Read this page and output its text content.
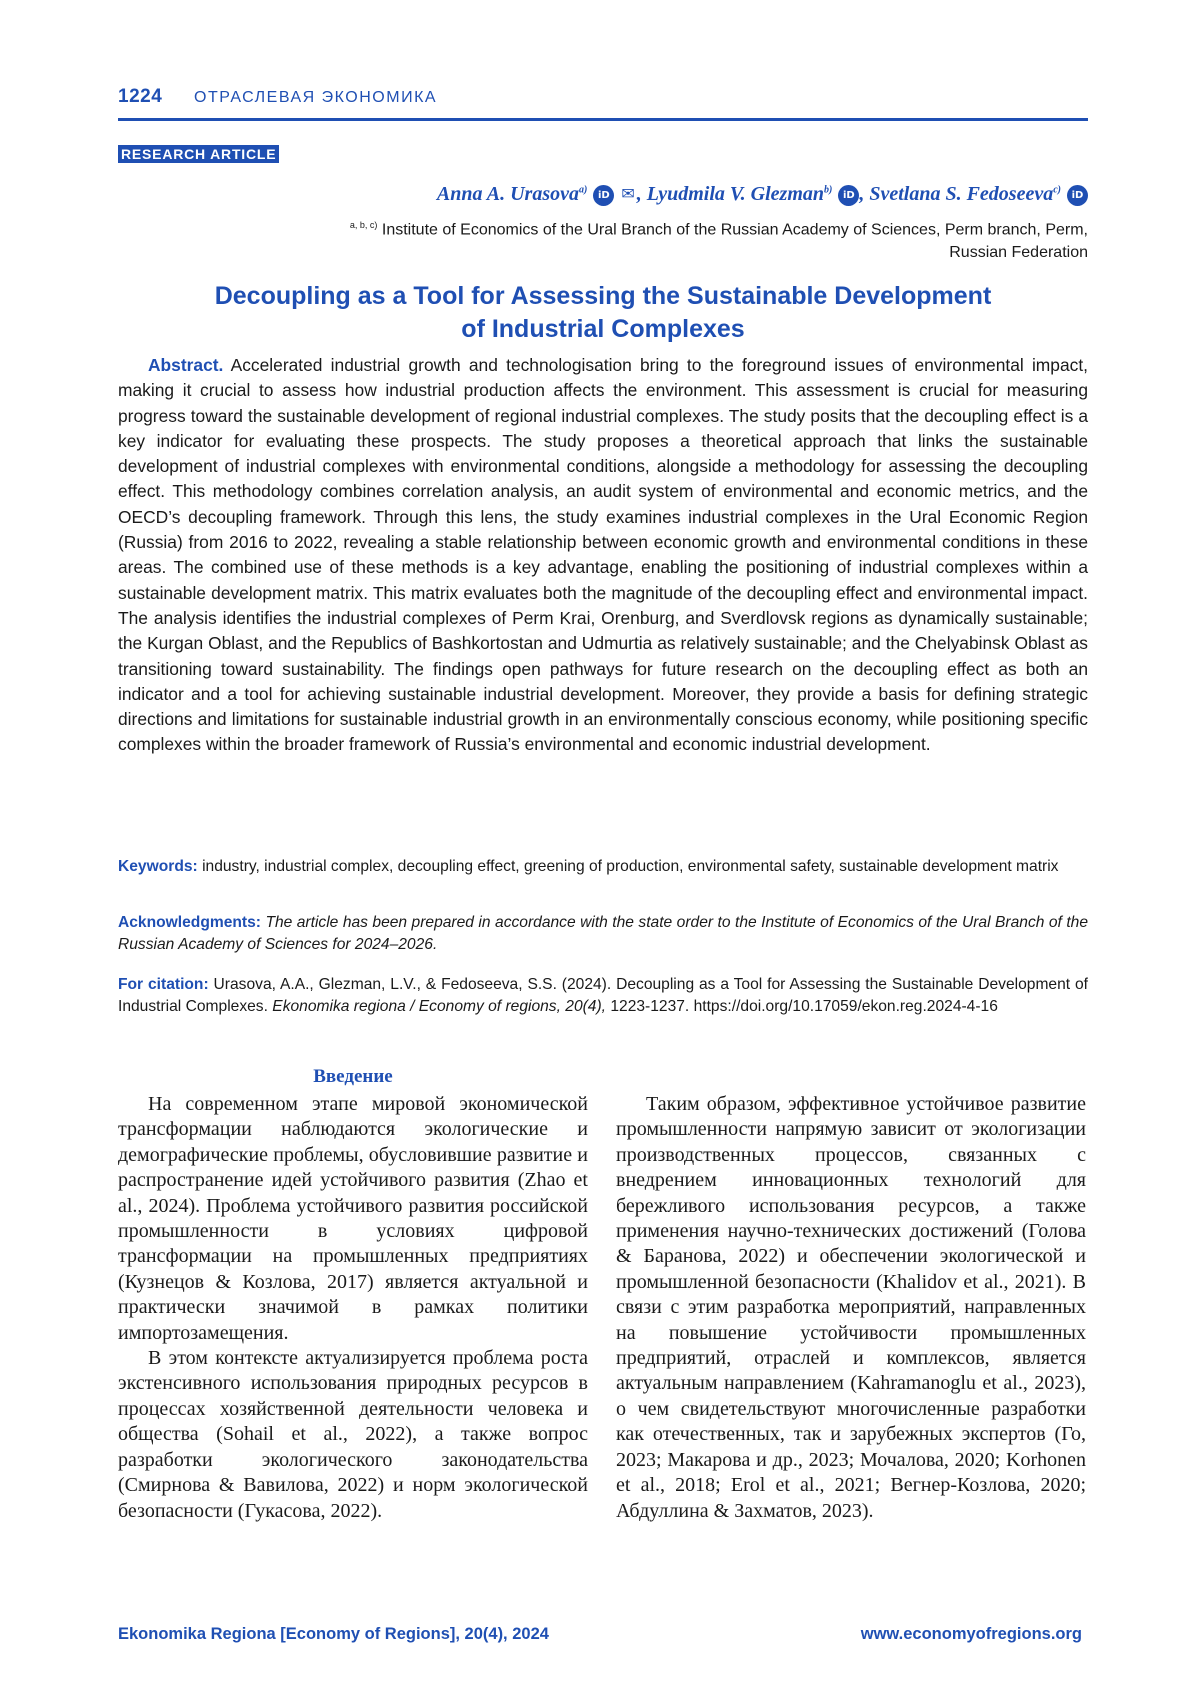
1224 ОТРАСЛЕВАЯ ЭКОНОМИКА
RESEARCH ARTICLE
Anna A. Urasova$^{a)}$ iD ✉ , Lyudmila V. Glezman$^{b)}$ iD , Svetlana S. Fedoseeva$^{c)}$ iD
$^{a, b, c)}$ Institute of Economics of the Ural Branch of the Russian Academy of Sciences, Perm branch, Perm, Russian Federation
Decoupling as a Tool for Assessing the Sustainable Development
of Industrial Complexes
Abstract. Accelerated industrial growth and technologisation bring to the foreground issues of environmental impact, making it crucial to assess how industrial production affects the environment. This assessment is crucial for measuring progress toward the sustainable development of regional industrial complexes. The study posits that the decoupling effect is a key indicator for evaluating these prospects. The study proposes a theoretical approach that links the sustainable development of industrial complexes with environmental conditions, alongside a methodology for assessing the decoupling effect. This methodology combines correlation analysis, an audit system of environmental and economic metrics, and the OECD’s decoupling framework. Through this lens, the study examines industrial complexes in the Ural Economic Region (Russia) from 2016 to 2022, revealing a stable relationship between economic growth and environmental conditions in these areas. The combined use of these methods is a key advantage, enabling the positioning of industrial complexes within a sustainable development matrix. This matrix evaluates both the magnitude of the decoupling effect and environmental impact. The analysis identifies the industrial complexes of Perm Krai, Orenburg, and Sverdlovsk regions as dynamically sustainable; the Kurgan Oblast, and the Republics of Bashkortostan and Udmurtia as relatively sustainable; and the Chelyabinsk Oblast as transitioning toward sustainability. The findings open pathways for future research on the decoupling effect as both an indicator and a tool for achieving sustainable industrial development. Moreover, they provide a basis for defining strategic directions and limitations for sustainable industrial growth in an environmentally conscious economy, while positioning specific complexes within the broader framework of Russia’s environmental and economic industrial development.
Keywords: industry, industrial complex, decoupling effect, greening of production, environmental safety, sustainable development matrix
Acknowledgments: The article has been prepared in accordance with the state order to the Institute of Economics of the Ural Branch of the Russian Academy of Sciences for 2024–2026.
For citation: Urasova, A.A., Glezman, L.V., & Fedoseeva, S.S. (2024). Decoupling as a Tool for Assessing the Sustainable Development of Industrial Complexes. Ekonomika regiona / Economy of regions, 20(4), 1223-1237. https://doi.org/10.17059/ekon.reg.2024-4-16
Введение

На современном этапе мировой экономической трансформации наблюдаются экологические и демографические проблемы, обусловившие развитие и распространение идей устойчивого развития (Zhao et al., 2024). Проблема устойчивого развития российской промышленности в условиях цифровой трансформации на промышленных предприятиях (Кузнецов & Козлова, 2017) является актуальной и практически значимой в рамках политики импортозамещения.

В этом контексте актуализируется проблема роста экстенсивного использования природных ресурсов в процессах хозяйственной деятельности человека и общества (Sohail et al., 2022), а также вопрос разработки экологического законодательства (Смирнова & Вавилова, 2022) и норм экологической безопасности (Гукасова, 2022).

Таким образом, эффективное устойчивое развитие промышленности напрямую зависит от экологизации производственных процессов, связанных с внедрением инновационных технологий для бережливого использования ресурсов, а также применения научно-технических достижений (Голова & Баранова, 2022) и обеспечении экологической и промышленной безопасности (Khalidov et al., 2021). В связи с этим разработка мероприятий, направленных на повышение устойчивости промышленных предприятий, отраслей и комплексов, является актуальным направлением (Kahramanoglu et al., 2023), о чем свидетельствуют многочисленные разработки как отечественных, так и зарубежных экспертов (Го, 2023; Макарова и др., 2023; Мочалова, 2020; Korhonen et al., 2018; Erol et al., 2021; Вегнер-Козлова, 2020; Абдуллина & Захматов, 2023).

Ekonomika Regiona [Economy of Regions], 20(4), 2024	www.economyofregions.org
